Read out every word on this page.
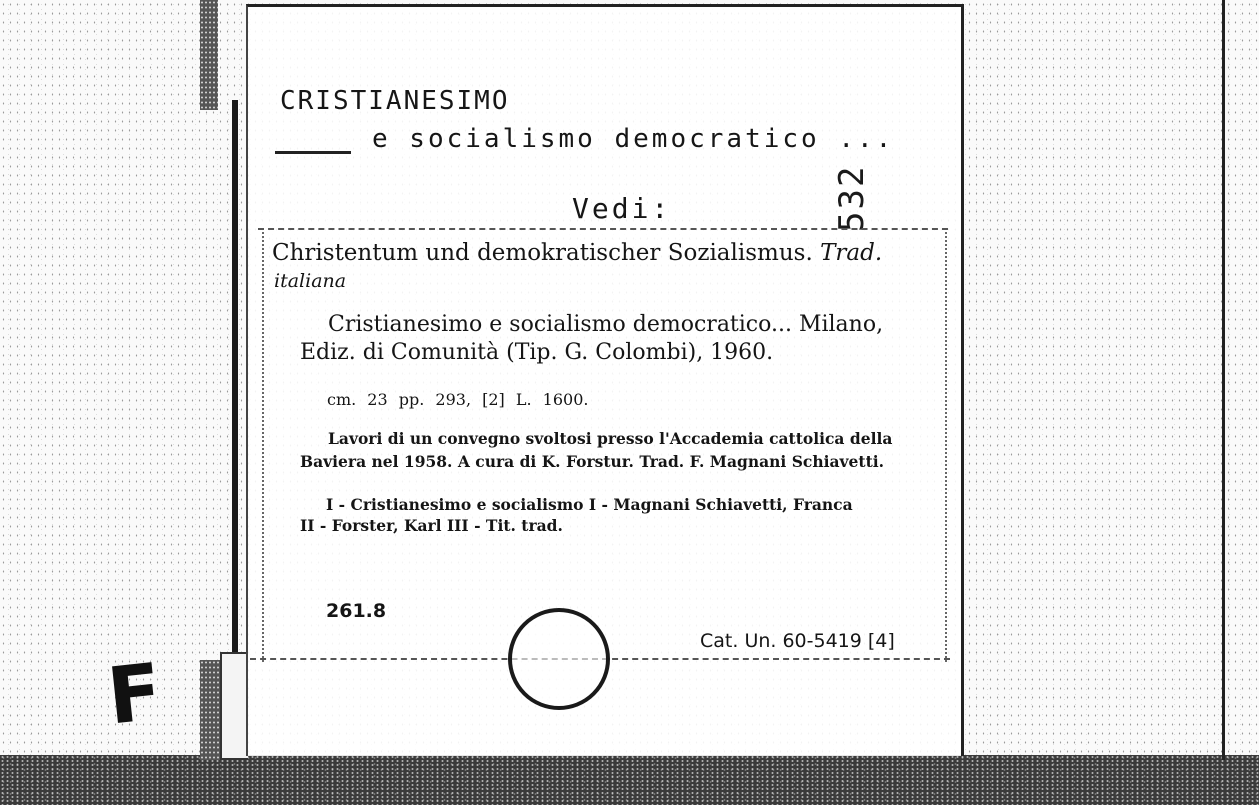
F
CRISTIANESIMO
e socialismo democratico ...
Vedi:	532
Christentum und demokratischer Sozialismus. Trad.
italiana
Cristianesimo e socialismo democratico... Milano,
Ediz. di Comunità (Tip. G. Colombi), 1960.
cm. 23 pp. 293, [2] L. 1600.
Lavori di un convegno svoltosi presso l'Accademia cattolica della
Baviera nel 1958. A cura di K. Forstur. Trad. F. Magnani Schiavetti.
I - Cristianesimo e socialismo I - Magnani Schiavetti, Franca
II - Forster, Karl III - Tit. trad.
261.8
Cat. Un. 60-5419 [4]
